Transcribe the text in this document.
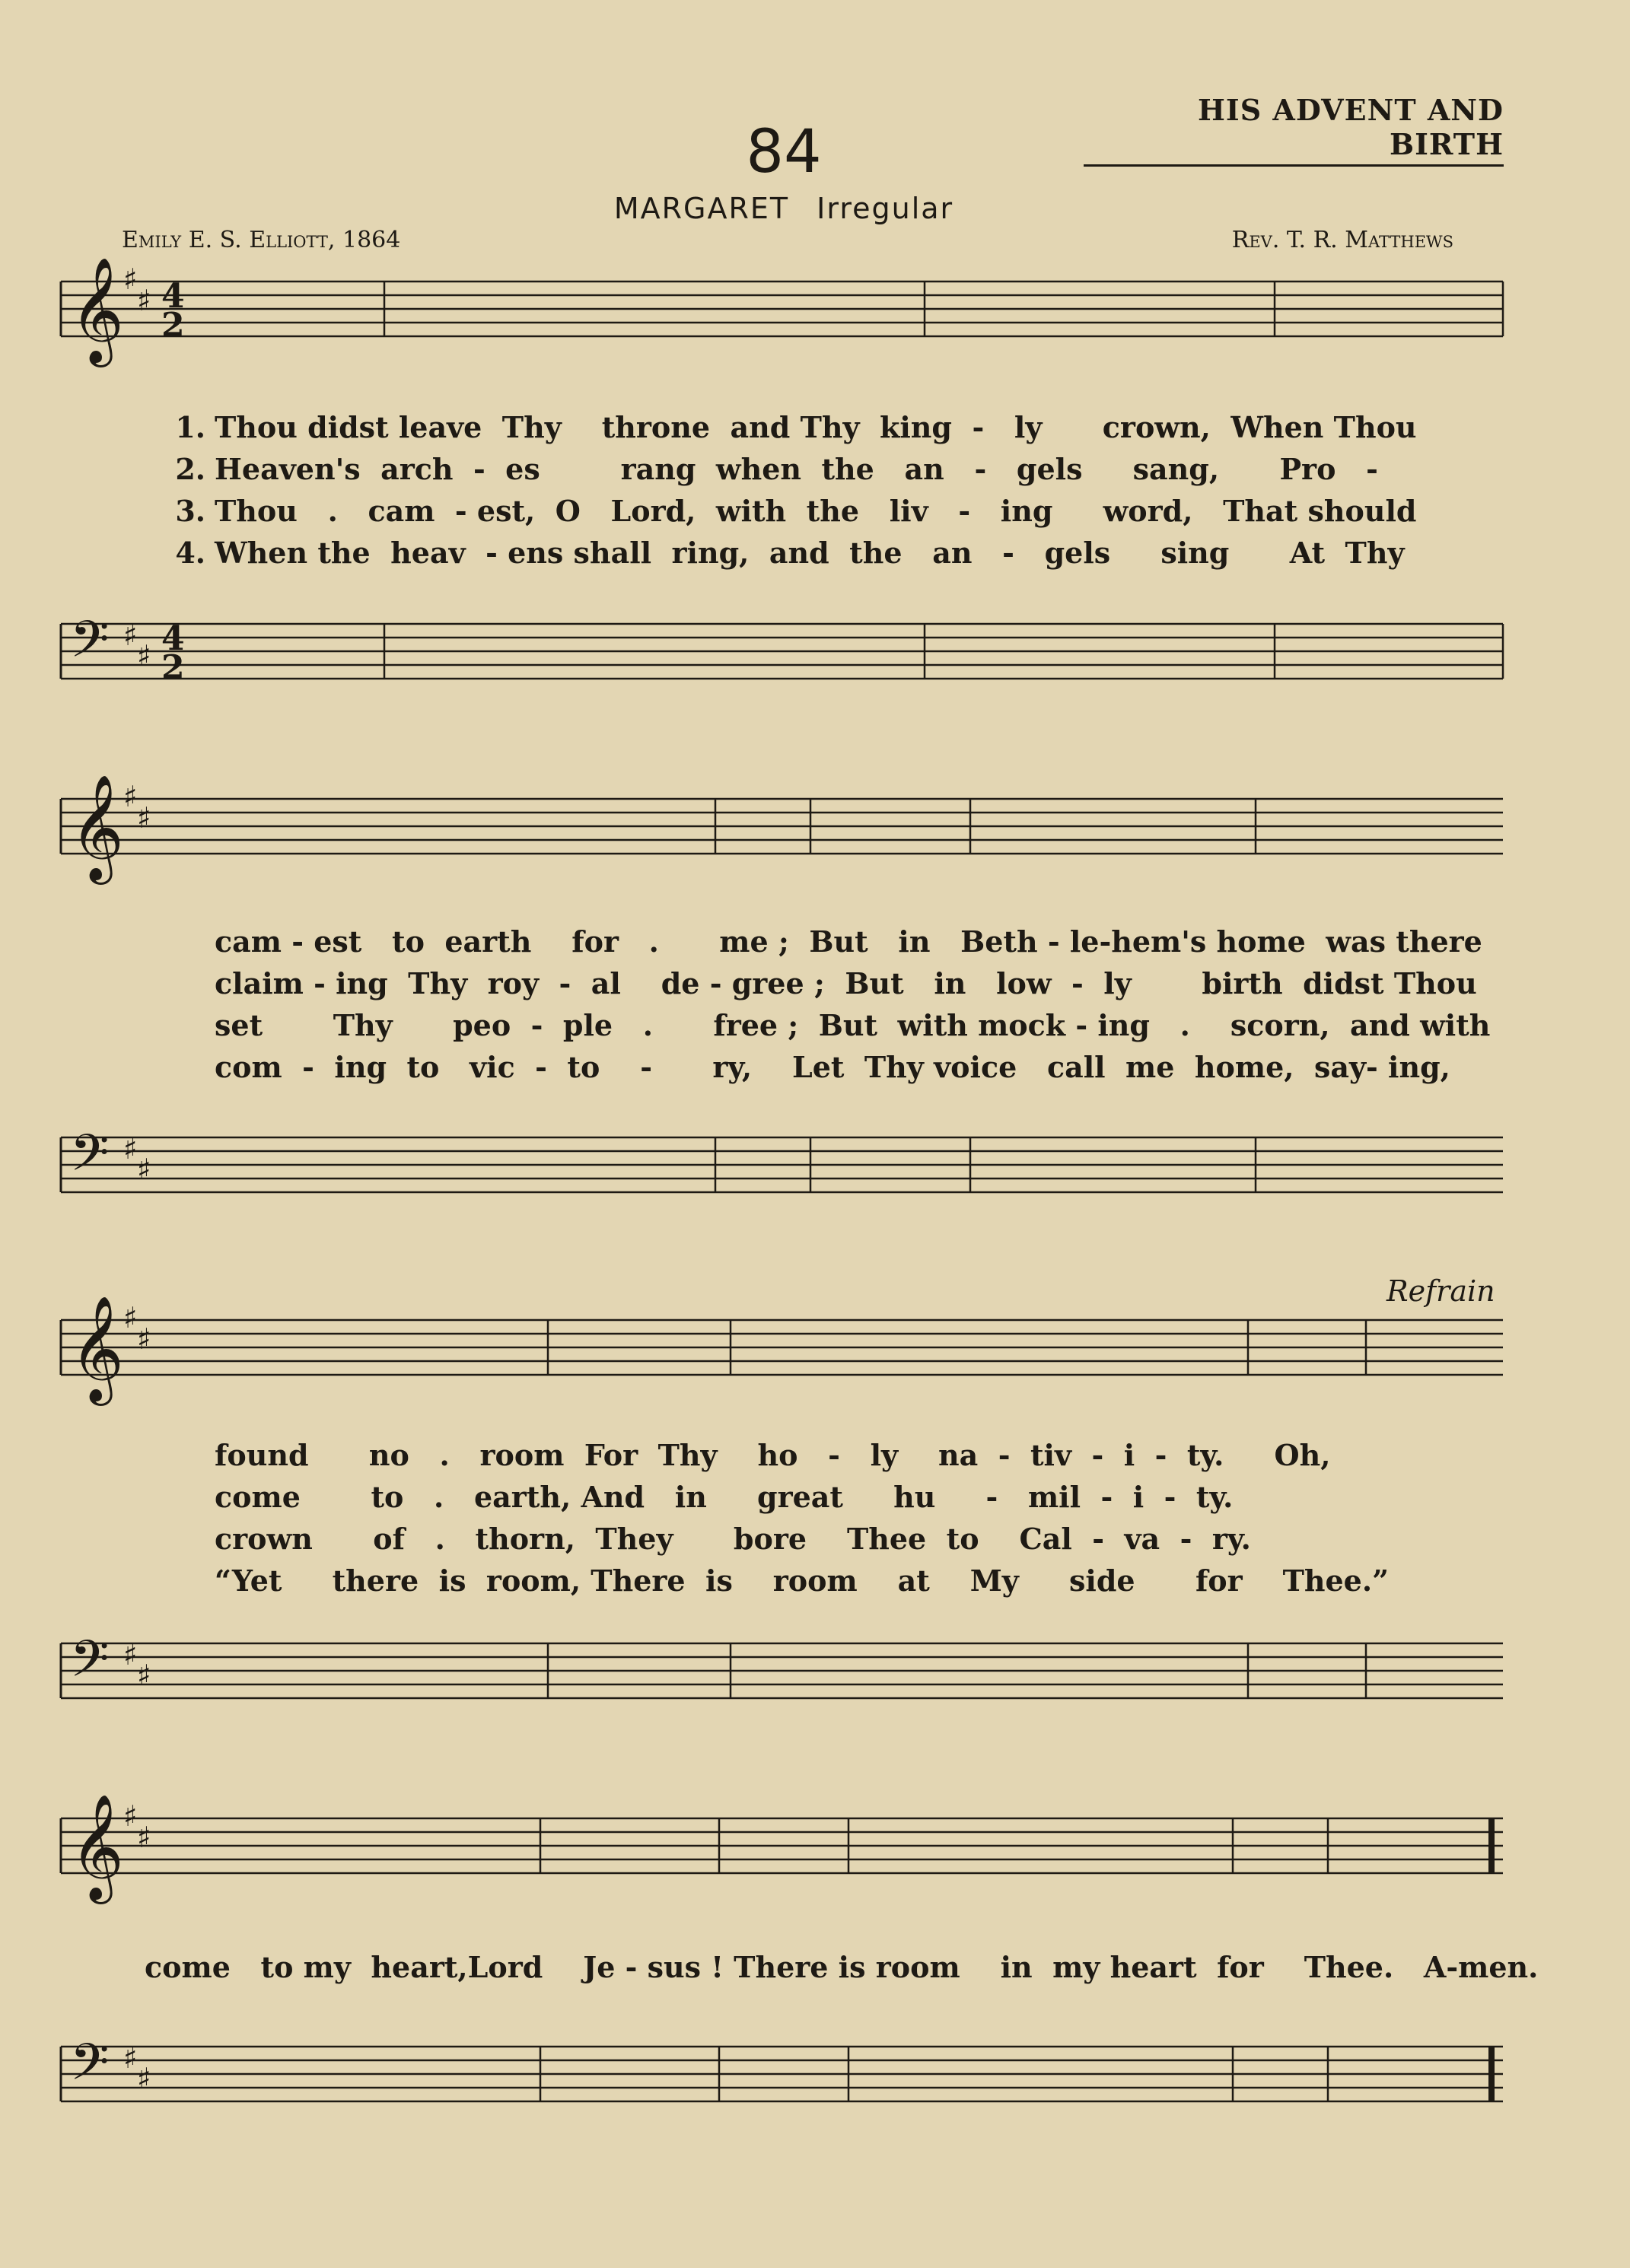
HIS ADVENT AND BIRTH
84
MARGARET Irregular
Emily E. S. Elliott, 1864	Rev. T. R. Matthews
𝄞 ♯
♯ 4
2
1. Thou didst leave  Thy    throne  and Thy  king  -   ly      crown,  When Thou
2. Heaven's  arch  -  es        rang  when  the   an   -   gels     sang,      Pro   -
3. Thou   .   cam  - est,  O   Lord,  with  the   liv   -   ing     word,   That should
4. When the  heav  - ens shall  ring,  and  the   an   -   gels     sing      At  Thy
𝄢 ♯
♯ 4
2
𝄞 ♯
♯
cam - est   to  earth    for   .      me ;  But   in   Beth - le-hem's home  was there
claim - ing  Thy  roy  -  al    de - gree ;  But   in   low  -  ly       birth  didst Thou
set       Thy      peo  -  ple   .      free ;  But  with mock - ing   .    scorn,  and with
com  -  ing  to   vic  -  to    -      ry,    Let  Thy voice   call  me  home,  say- ing,
𝄢 ♯
♯
Refrain
𝄞 ♯
♯
found      no   .   room  For  Thy    ho   -   ly    na  -  tiv  -  i  -  ty.     Oh,
come       to   .   earth, And   in     great     hu     -   mil  -  i  -  ty.
crown      of   .   thorn,  They      bore    Thee  to    Cal  -  va  -  ry.
“Yet     there  is  room, There  is    room    at    My     side      for    Thee.”
𝄢 ♯
♯
𝄞 ♯
♯
come   to my  heart,Lord    Je - sus ! There is room    in  my heart  for    Thee.   A-men.
𝄢 ♯
♯
